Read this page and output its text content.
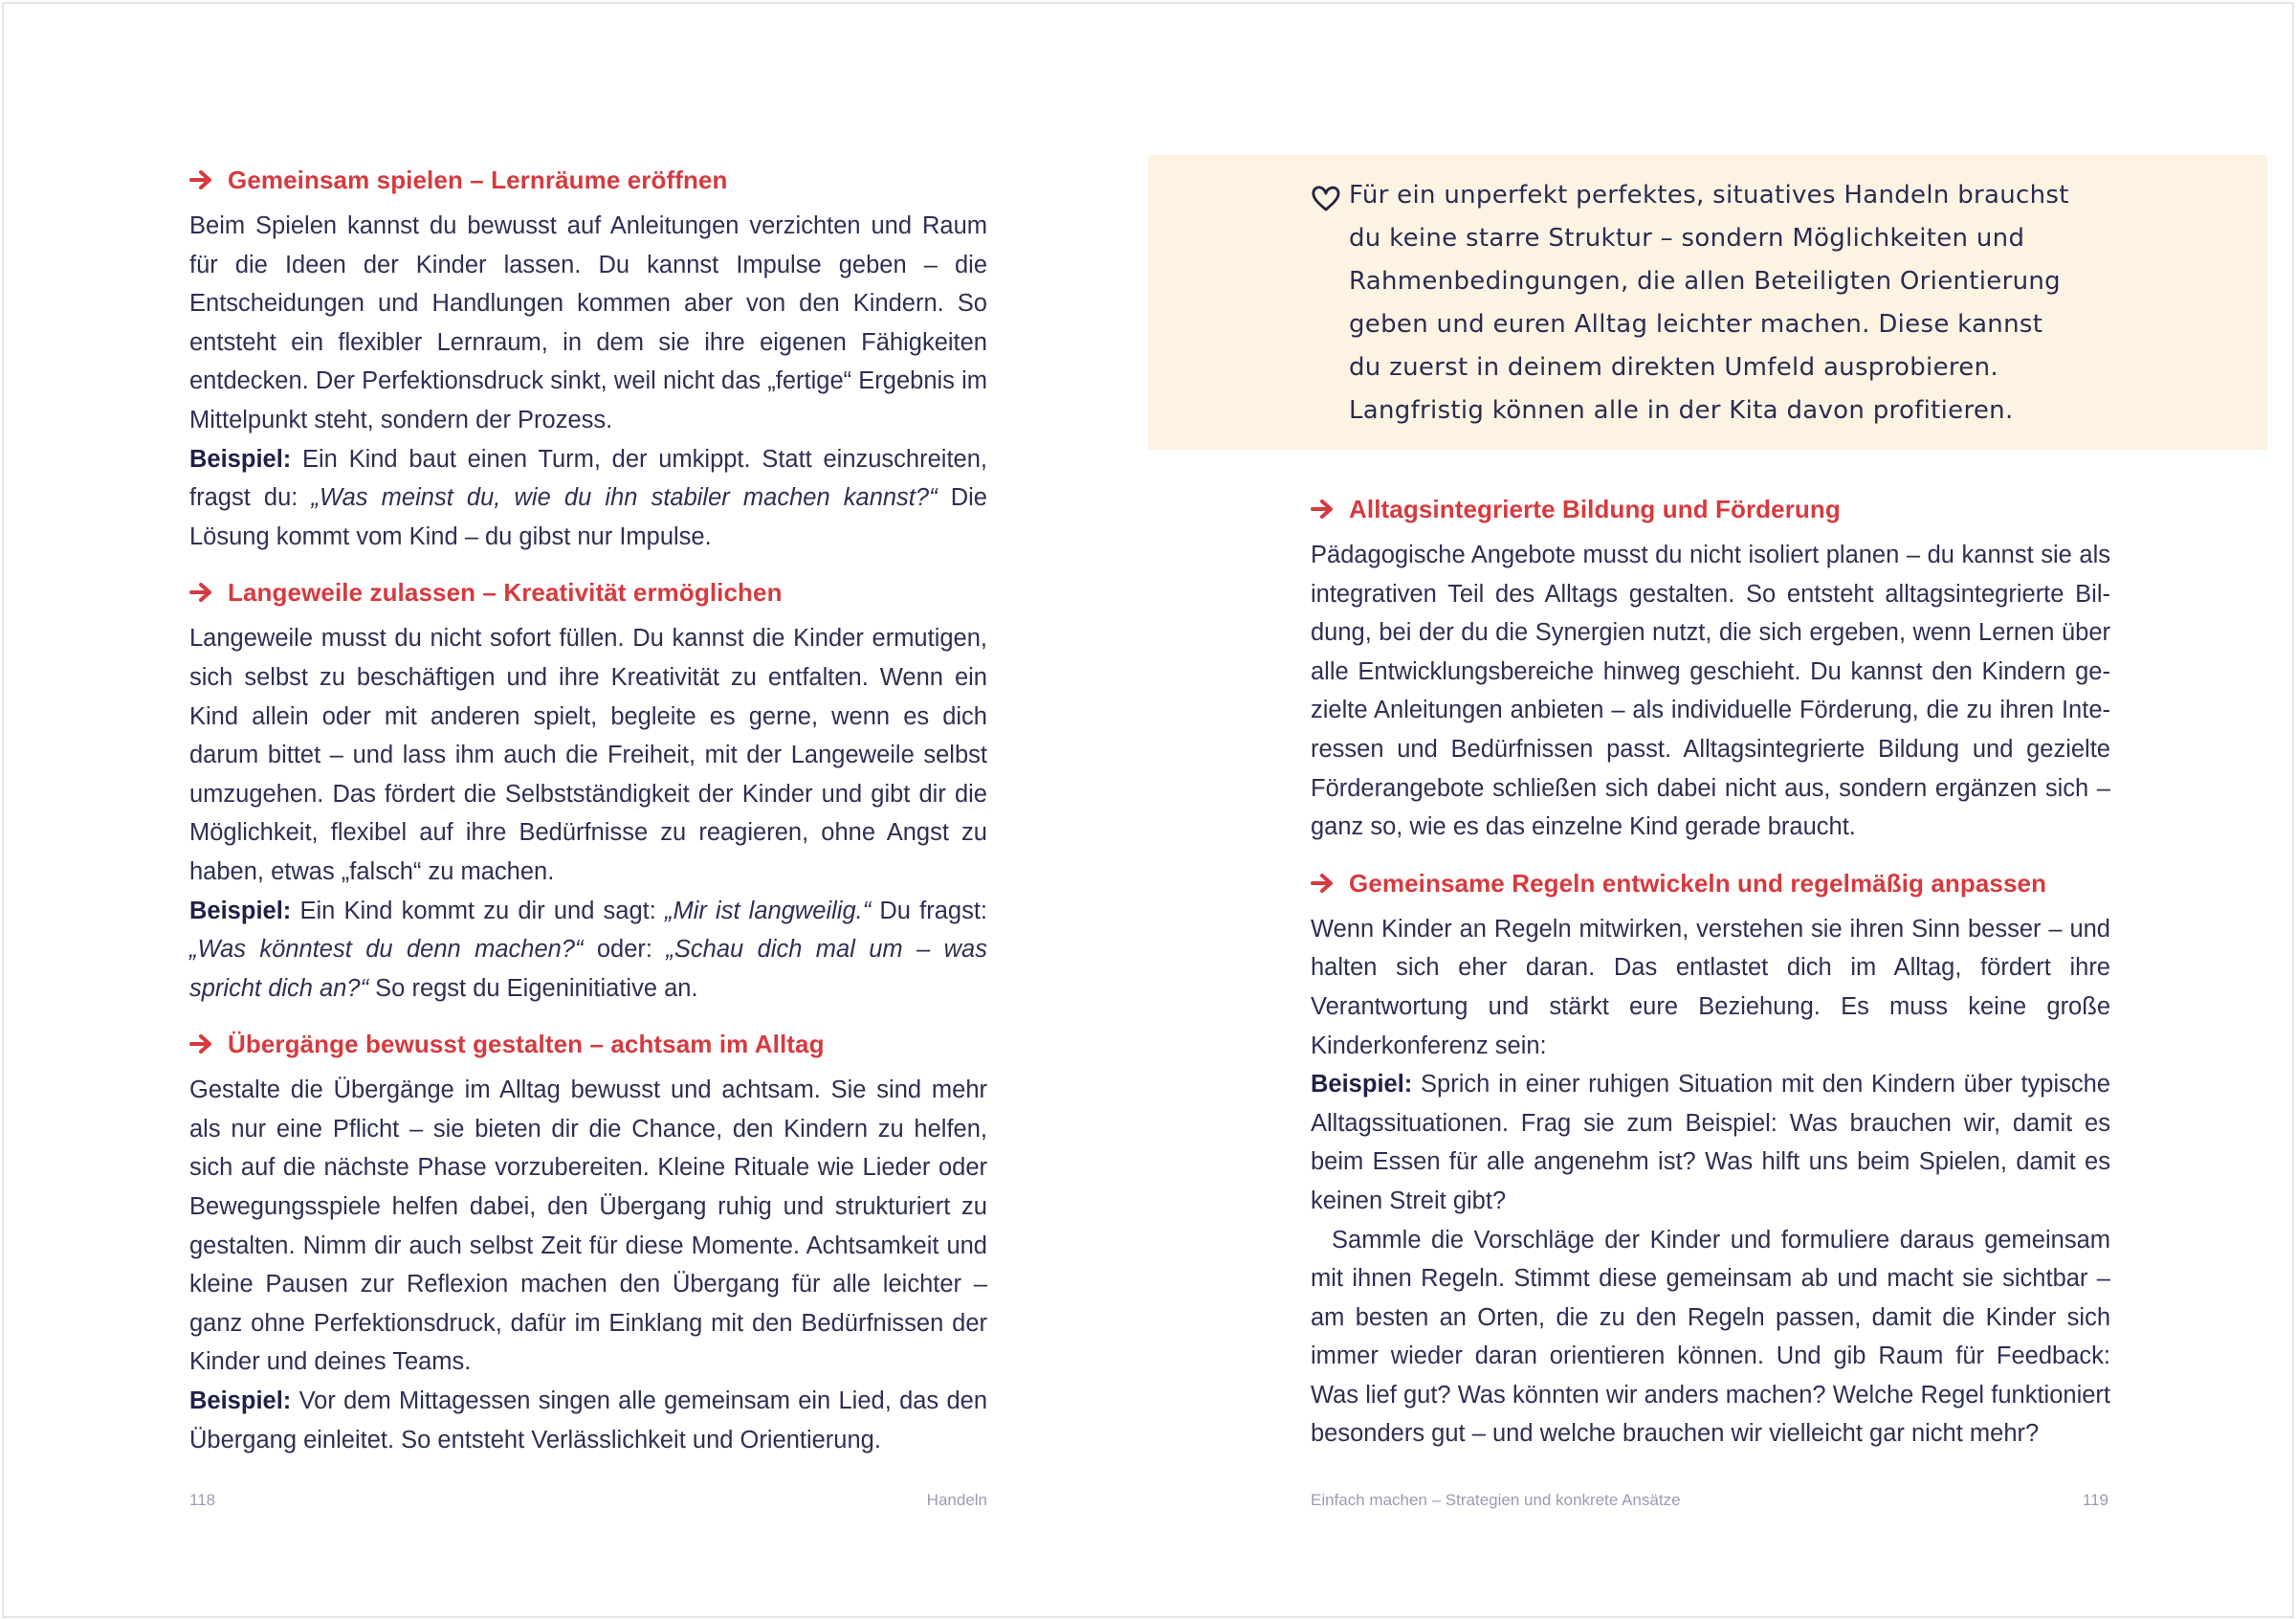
Gemeinsam spielen – Lernräume eröffnen

Beim Spielen kannst du bewusst auf Anleitungen verzichten und Raum für die Ideen der Kinder lassen. Du kannst Impulse geben – die Entscheidungen und Handlungen kommen aber von den Kindern. So entsteht ein flexibler Lernraum, in dem sie ihre eigenen Fähigkeiten entdecken. Der Perfektionsdruck sinkt, weil nicht das „fertige“ Ergebnis im Mittelpunkt steht, sondern der Prozess.

Beispiel: Ein Kind baut einen Turm, der umkippt. Statt einzuschreiten, fragst du: „Was meinst du, wie du ihn stabiler machen kannst?“ Die Lösung kommt vom Kind – du gibst nur Impulse.

Langeweile zulassen – Kreativität ermöglichen

Langeweile musst du nicht sofort füllen. Du kannst die Kinder ermutigen, sich selbst zu beschäftigen und ihre Kreativität zu entfalten. Wenn ein Kind allein oder mit anderen spielt, begleite es gerne, wenn es dich darum bittet – und lass ihm auch die Freiheit, mit der Langeweile selbst umzugehen. Das fördert die Selbstständigkeit der Kinder und gibt dir die Möglichkeit, flexibel auf ihre Bedürfnisse zu reagieren, ohne Angst zu haben, etwas „falsch“ zu machen.

Beispiel: Ein Kind kommt zu dir und sagt: „Mir ist langweilig.“ Du fragst: „Was könntest du denn machen?“ oder: „Schau dich mal um – was spricht dich an?“ So regst du Eigeninitiative an.

Übergänge bewusst gestalten – achtsam im Alltag

Gestalte die Übergänge im Alltag bewusst und achtsam. Sie sind mehr als nur eine Pflicht – sie bieten dir die Chance, den Kindern zu helfen, sich auf die nächste Phase vorzubereiten. Kleine Rituale wie Lieder oder Bewegungsspiele helfen dabei, den Übergang ruhig und strukturiert zu gestalten. Nimm dir auch selbst Zeit für diese Momente. Achtsamkeit und kleine Pausen zur Reflexion machen den Übergang für alle leichter – ganz ohne Perfektionsdruck, dafür im Einklang mit den Bedürfnissen der Kinder und deines Teams.

Beispiel: Vor dem Mittagessen singen alle gemeinsam ein Lied, das den Übergang einleitet. So entsteht Verlässlichkeit und Orientierung.

118	Handeln
Für ein unperfekt perfektes, situatives Handeln brauchst
du keine starre Struktur – sondern Möglichkeiten und
Rahmenbedingungen, die allen Beteiligten Orientierung
geben und euren Alltag leichter machen. Diese kannst
du zuerst in deinem direkten Umfeld ausprobieren.
Langfristig können alle in der Kita davon profitieren.
Alltagsintegrierte Bildung und Förderung

Pädagogische Angebote musst du nicht isoliert planen – du kannst sie als integrativen Teil des Alltags gestalten. So entsteht alltagsintegrierte Bildung, bei der du die Synergien nutzt, die sich ergeben, wenn Lernen über alle Entwicklungsbereiche hinweg geschieht. Du kannst den Kindern gezielte Anleitungen anbieten – als individuelle Förderung, die zu ihren Interessen und Bedürfnissen passt. Alltagsintegrierte Bildung und gezielte Förderangebote schließen sich dabei nicht aus, sondern ergänzen sich – ganz so, wie es das einzelne Kind gerade braucht.

Gemeinsame Regeln entwickeln und regelmäßig anpassen

Wenn Kinder an Regeln mitwirken, verstehen sie ihren Sinn besser – und halten sich eher daran. Das entlastet dich im Alltag, fördert ihre Verantwortung und stärkt eure Beziehung. Es muss keine große Kinderkonferenz sein:

Beispiel: Sprich in einer ruhigen Situation mit den Kindern über typische Alltagssituationen. Frag sie zum Beispiel: Was brauchen wir, damit es beim Essen für alle angenehm ist? Was hilft uns beim Spielen, damit es keinen Streit gibt?

Sammle die Vorschläge der Kinder und formuliere daraus gemeinsam mit ihnen Regeln. Stimmt diese gemeinsam ab und macht sie sichtbar – am besten an Orten, die zu den Regeln passen, damit die Kinder sich immer wieder daran orientieren können. Und gib Raum für Feedback: Was lief gut? Was könnten wir anders machen? Welche Regel funktioniert besonders gut – und welche brauchen wir vielleicht gar nicht mehr?

Einfach machen – Strategien und konkrete Ansätze	119
